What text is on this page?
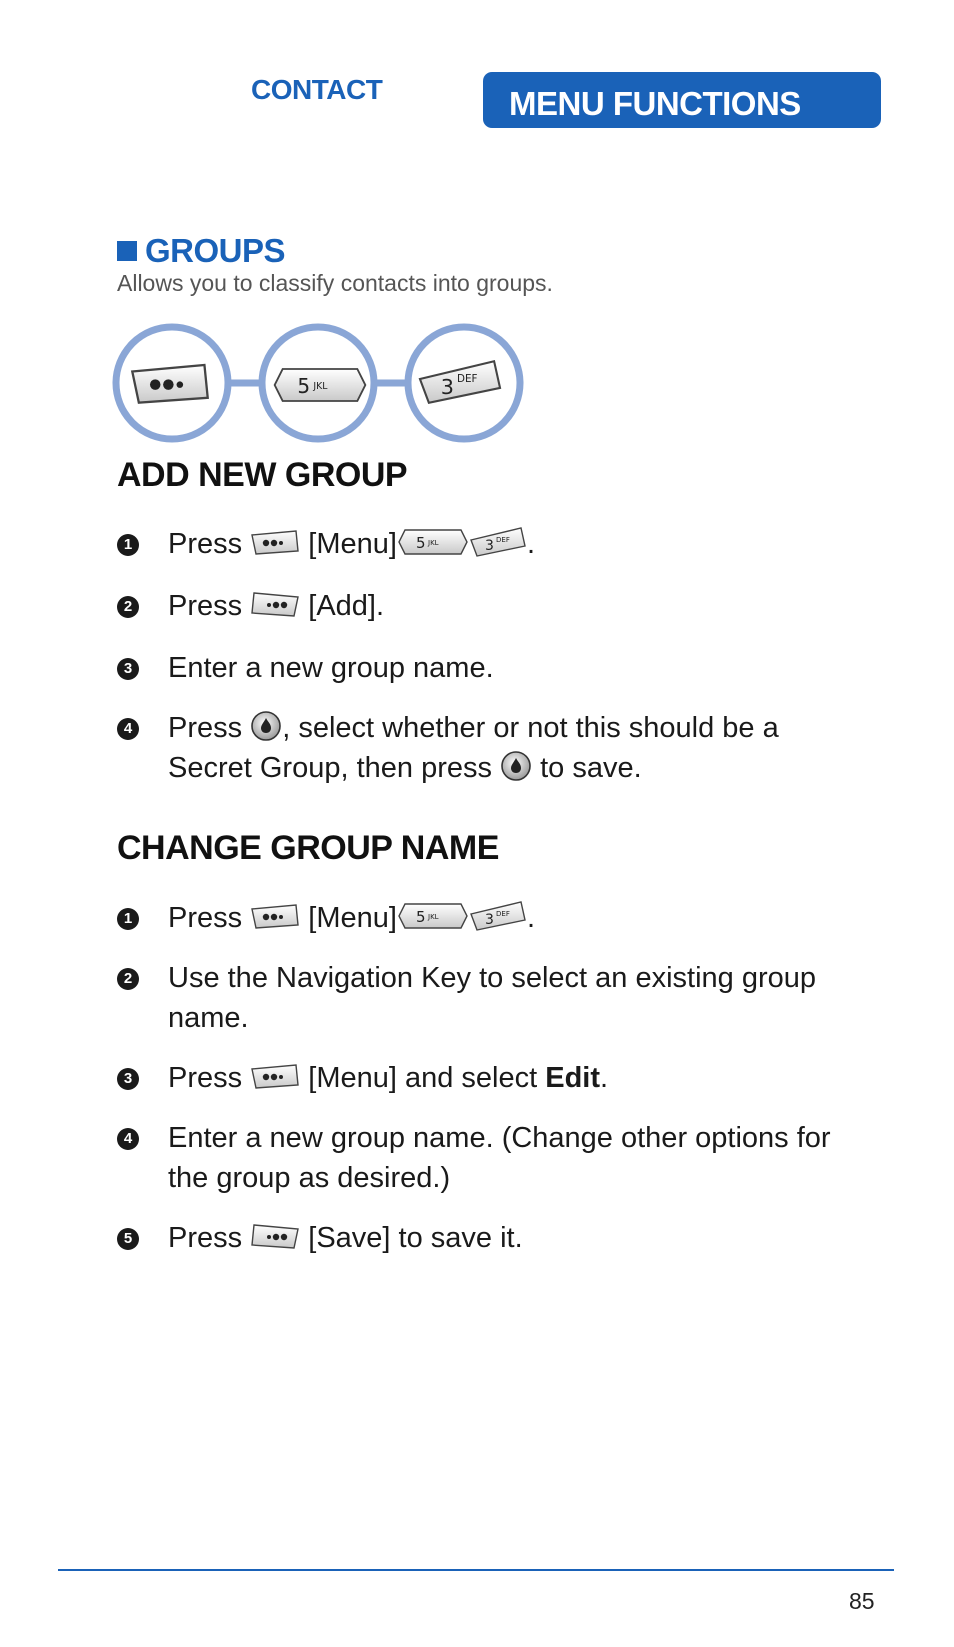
CONTACT	MENU FUNCTIONS
GROUPS
Allows you to classify contacts into groups.
ADD NEW GROUP
1 Press [Menu]	.
2 Press [Add].
3 Enter a new group name.
4 Press , select whether or not this should be a
Secret Group, then press to save.
CHANGE GROUP NAME
1 Press [Menu]	.
2 Use the Navigation Key to select an existing group
name.
3 Press [Menu] and select Edit.
4 Enter a new group name. (Change other options for
the group as desired.)
5 Press [Save] to save it.
85
